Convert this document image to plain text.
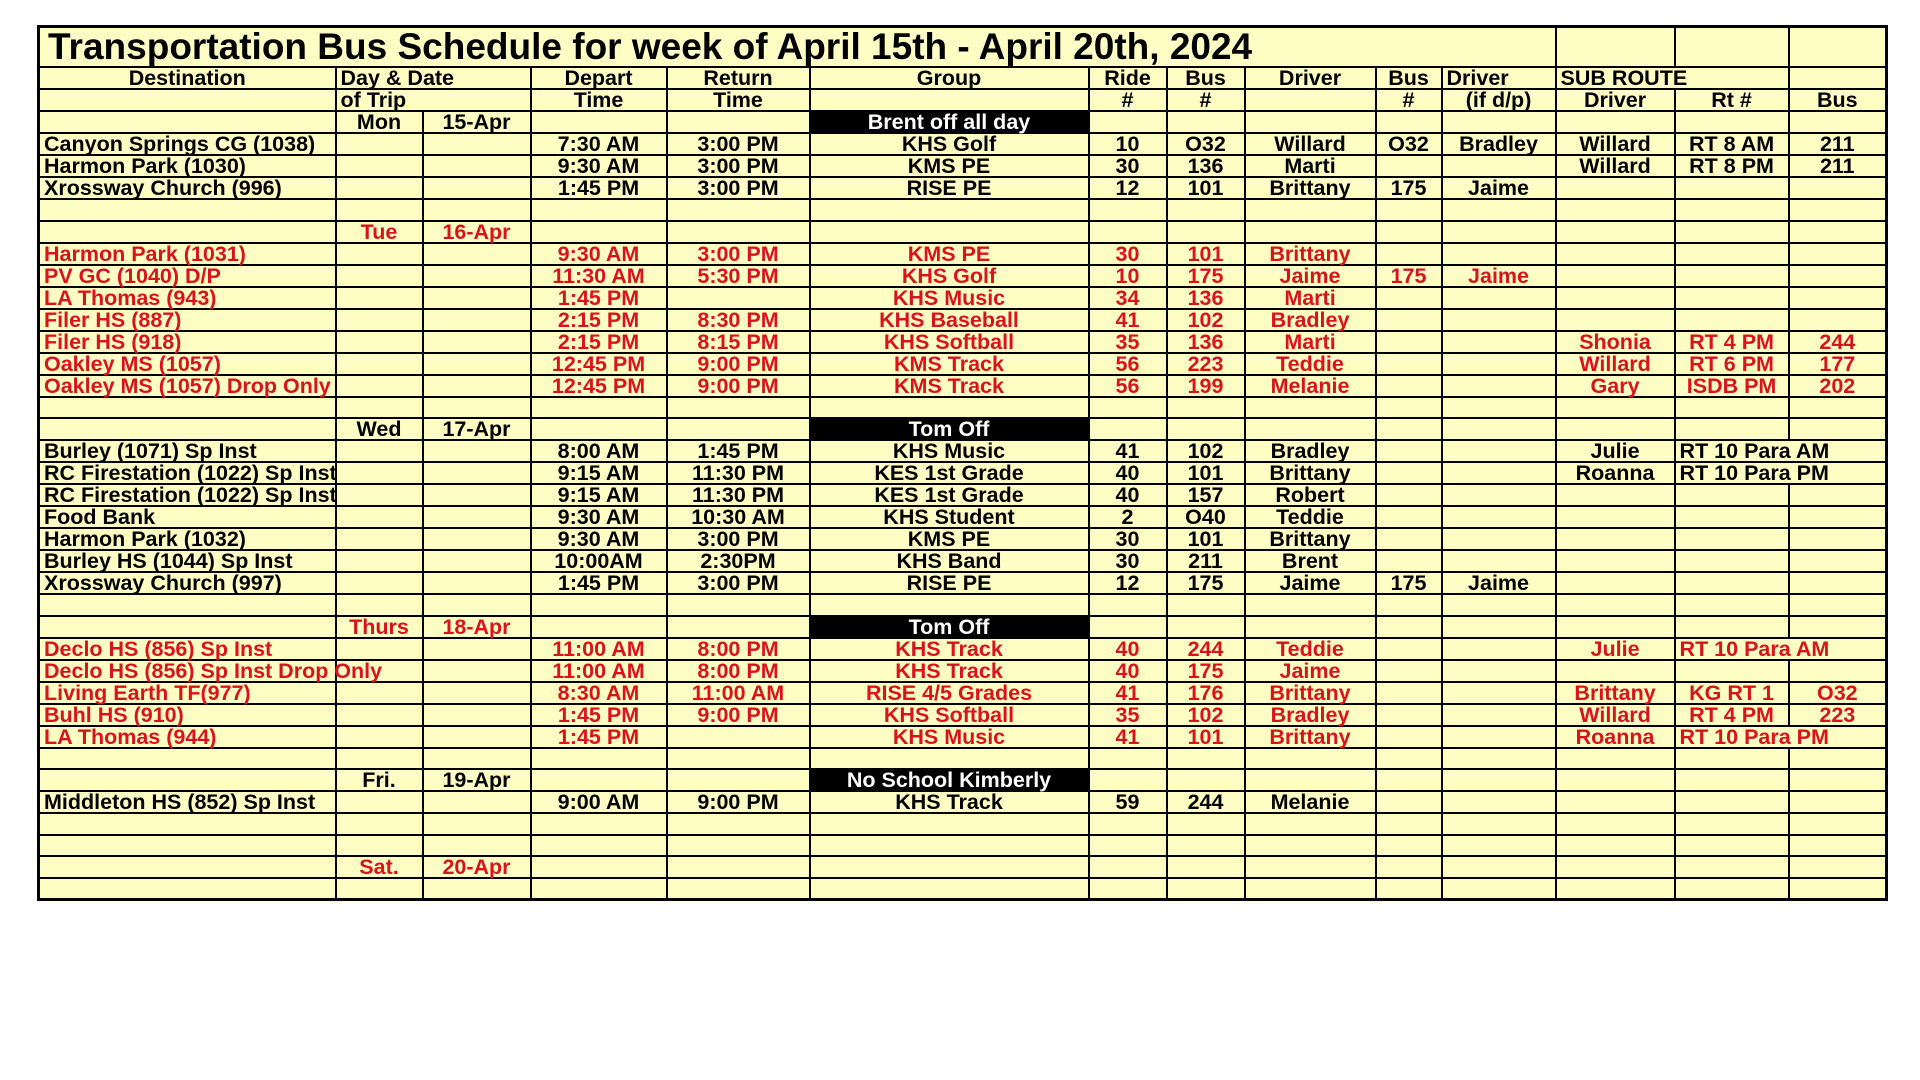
Transportation Bus Schedule for week of April 15th - April 20th, 2024													
Destination	Day & Date		Depart	Return	Group	Ride	Bus	Driver	Bus	Driver	SUB ROUTE		
	of Trip		Time	Time		#	#		#	(if d/p)	Driver	Rt #	Bus
	Mon	15-Apr			Brent off all day								
Canyon Springs CG (1038)			7:30 AM	3:00 PM	KHS Golf	10	O32	Willard	O32	Bradley	Willard	RT 8 AM	211
Harmon Park (1030)			9:30 AM	3:00 PM	KMS PE	30	136	Marti			Willard	RT 8 PM	211
Xrossway Church (996)			1:45 PM	3:00 PM	RISE PE	12	101	Brittany	175	Jaime			

	Tue	16-Apr											
Harmon Park (1031)			9:30 AM	3:00 PM	KMS PE	30	101	Brittany					
PV GC (1040) D/P			11:30 AM	5:30 PM	KHS Golf	10	175	Jaime	175	Jaime			
LA Thomas (943)			1:45 PM		KHS Music	34	136	Marti					
Filer HS (887)			2:15 PM	8:30 PM	KHS Baseball	41	102	Bradley					
Filer HS (918)			2:15 PM	8:15 PM	KHS Softball	35	136	Marti			Shonia	RT 4 PM	244
Oakley MS (1057)			12:45 PM	9:00 PM	KMS Track	56	223	Teddie			Willard	RT 6 PM	177
Oakley MS (1057) Drop Only			12:45 PM	9:00 PM	KMS Track	56	199	Melanie			Gary	ISDB PM	202

	Wed	17-Apr			Tom Off								
Burley (1071) Sp Inst			8:00 AM	1:45 PM	KHS Music	41	102	Bradley			Julie	RT 10 Para AM	
RC Firestation (1022) Sp Inst			9:15 AM	11:30 PM	KES 1st Grade	40	101	Brittany			Roanna	RT 10 Para PM	
RC Firestation (1022) Sp Inst			9:15 AM	11:30 PM	KES 1st Grade	40	157	Robert					
Food Bank			9:30 AM	10:30 AM	KHS Student	2	O40	Teddie					
Harmon Park (1032)			9:30 AM	3:00 PM	KMS PE	30	101	Brittany					
Burley HS (1044) Sp Inst			10:00AM	2:30PM	KHS Band	30	211	Brent					
Xrossway Church (997)			1:45 PM	3:00 PM	RISE PE	12	175	Jaime	175	Jaime			

	Thurs	18-Apr			Tom Off								
Declo HS (856) Sp Inst			11:00 AM	8:00 PM	KHS Track	40	244	Teddie			Julie	RT 10 Para AM	
Declo HS (856) Sp Inst Drop Only			11:00 AM	8:00 PM	KHS Track	40	175	Jaime					
Living Earth TF(977)			8:30 AM	11:00 AM	RISE 4/5 Grades	41	176	Brittany			Brittany	KG RT 1	O32
Buhl HS (910)			1:45 PM	9:00 PM	KHS Softball	35	102	Bradley			Willard	RT 4 PM	223
LA Thomas (944)			1:45 PM		KHS Music	41	101	Brittany			Roanna	RT 10 Para PM	

	Fri.	19-Apr			No School Kimberly								
Middleton HS (852) Sp Inst			9:00 AM	9:00 PM	KHS Track	59	244	Melanie					

	Sat.	20-Apr											
